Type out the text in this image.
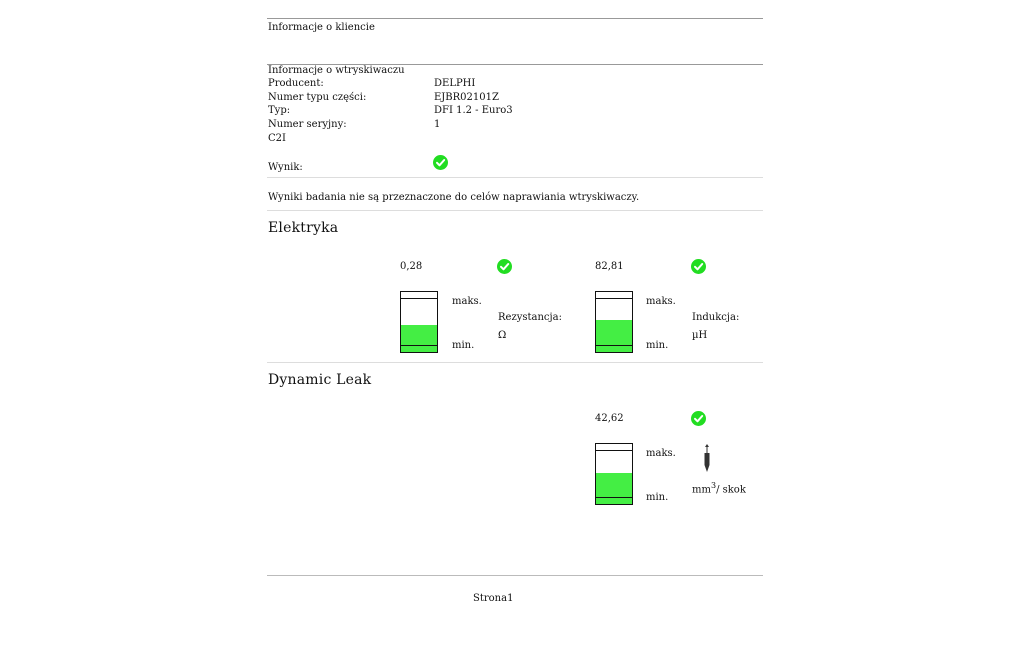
Informacje o kliencie
Informacje o wtryskiwaczu
Producent:	DELPHI
Numer typu części:	EJBR02101Z
Typ:	DFI 1.2 - Euro3
Numer seryjny:	1
C2I
Wynik:
Wyniki badania nie są przeznaczone do celów naprawiania wtryskiwaczy.
Elektryka
0,28
maks.
min.
Rezystancja:
Ω
82,81
maks.
min.
Indukcja:
µH
Dynamic Leak
42,62
maks.
min.
$mm^3/$ skok
Strona1
